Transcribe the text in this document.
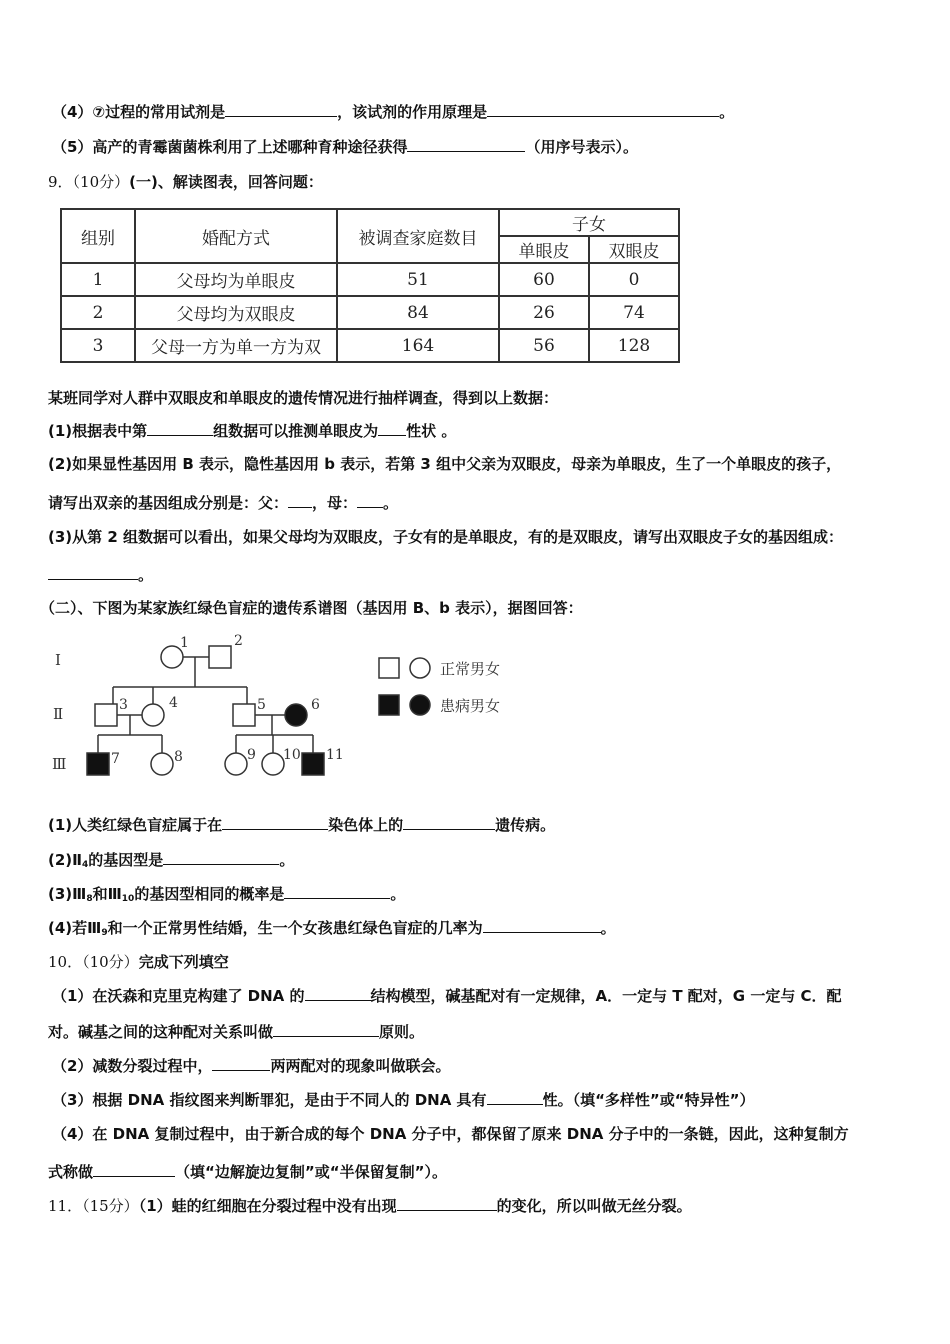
（4）⑦过程的常用试剂是	，该试剂的作用原理是	。
（5）高产的青霉菌菌株利用了上述哪种育种途径获得	（用序号表示）。
9．（10分）(一)、解读图表，回答问题：
组别	婚配方式	被调查家庭数目	子女	
			单眼皮	双眼皮
1	父母均为单眼皮	51	60	0
2	父母均为双眼皮	84	26	74
3	父母一方为单一方为双	164	56	128
某班同学对人群中双眼皮和单眼皮的遗传情况进行抽样调查，得到以上数据：
(1)根据表中第	组数据可以推测单眼皮为 性状 。
(2)如果显性基因用 B 表示，隐性基因用 b 表示，若第 3 组中父亲为双眼皮，母亲为单眼皮，生了一个单眼皮的孩子，
请写出双亲的基因组成分别是：父： ，母： 。
(3)从第 2 组数据可以看出，如果父母均为双眼皮，子女有的是单眼皮，有的是双眼皮，请写出双眼皮子女的基因组成：
。
（二）、下图为某家族红绿色盲症的遗传系谱图（基因用 B、b 表示），据图回答：
Ⅰ
Ⅱ
Ⅲ
1	2
3	4	5	6
7	8	9 10 11
正常男女
患病男女
(1)人类红绿色盲症属于在	染色体上的	遗传病。
$(2)Ⅱ_4$的基因型是	。
$(3)Ⅲ_8$和$Ⅲ_{10}$的基因型相同的概率是	。
(4)若$Ⅲ_9$和一个正常男性结婚，生一个女孩患红绿色盲症的几率为	。
10．（10分）完成下列填空
（1）在沃森和克里克构建了 DNA 的	结构模型，碱基配对有一定规律，A．一定与 T 配对，G 一定与 C．配
对。碱基之间的这种配对关系叫做	原则。
（2）减数分裂过程中，	两两配对的现象叫做联会。
（3）根据 DNA 指纹图来判断罪犯，是由于不同人的 DNA 具有	性。（填“多样性”或“特异性”）
（4）在 DNA 复制过程中，由于新合成的每个 DNA 分子中，都保留了原来 DNA 分子中的一条链，因此，这种复制方
式称做	（填“边解旋边复制”或“半保留复制”）。
11．（15分）（1）蛙的红细胞在分裂过程中没有出现	的变化，所以叫做无丝分裂。
